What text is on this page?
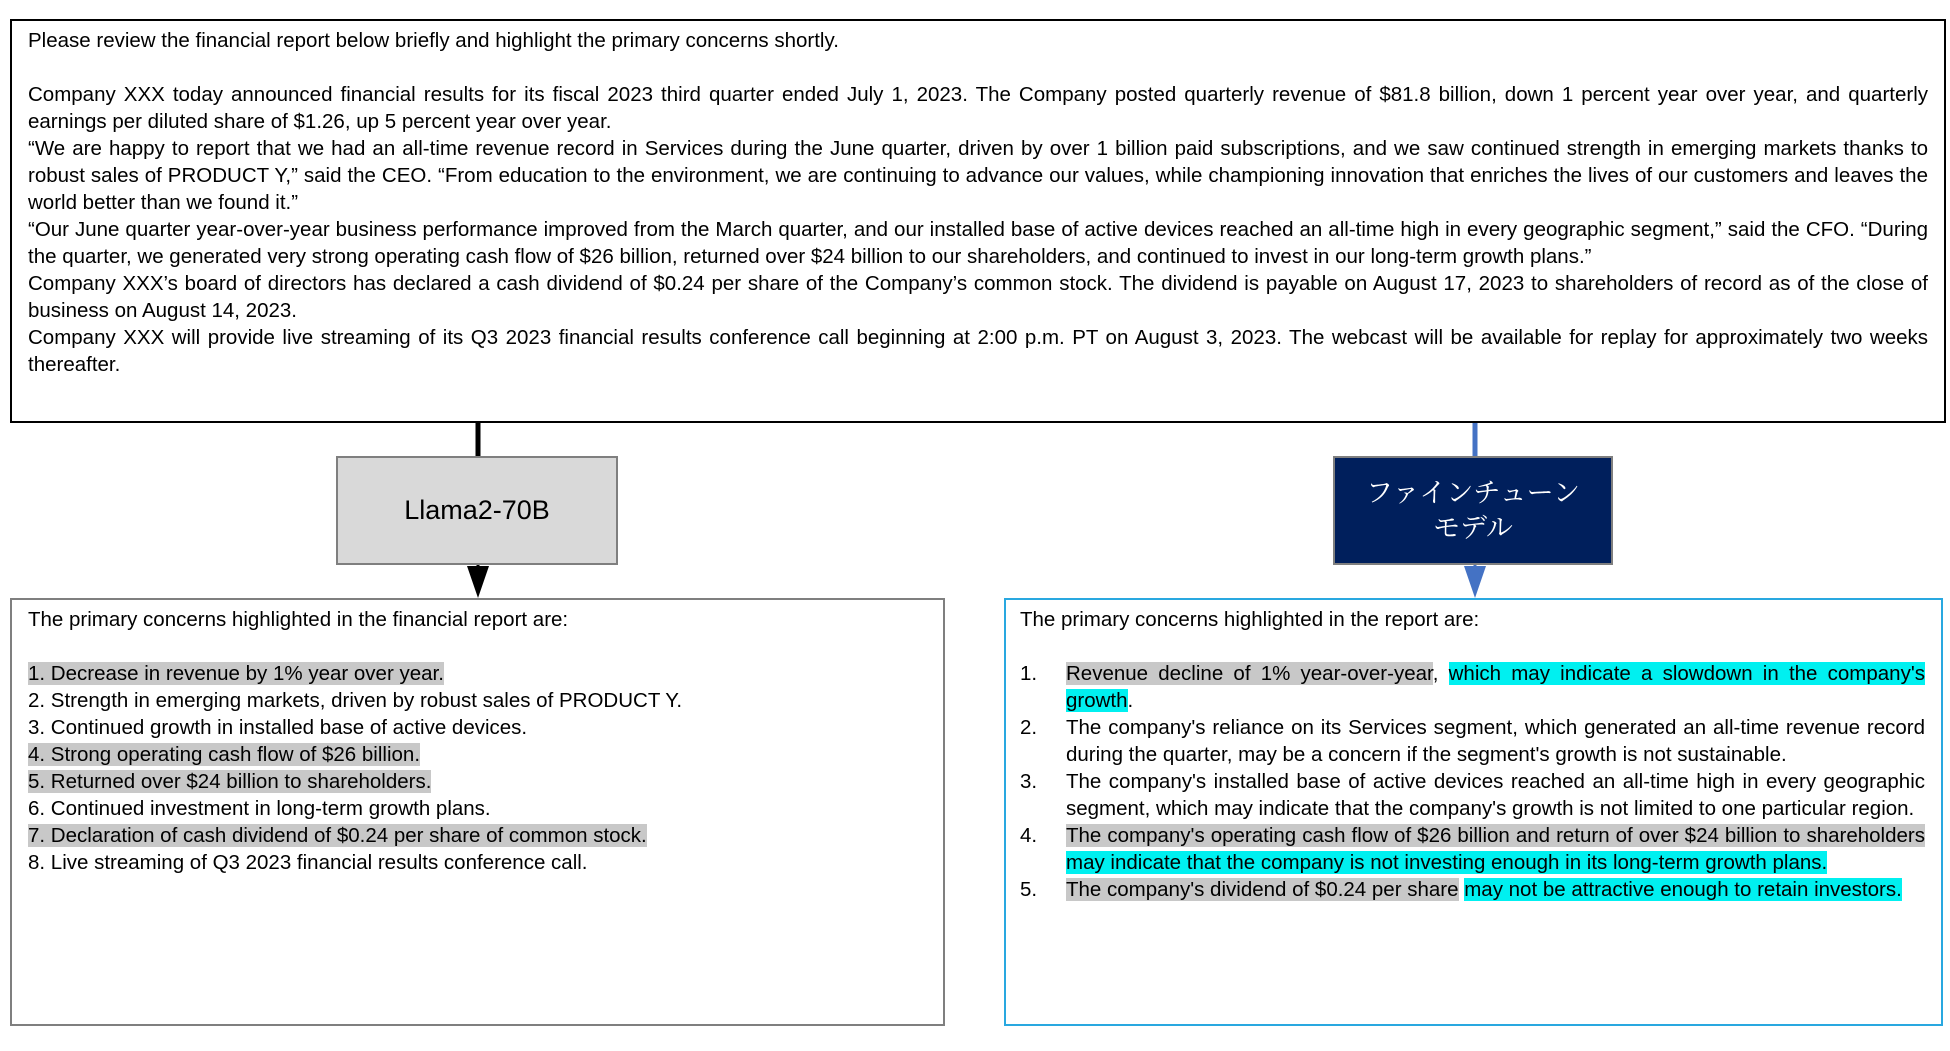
Please review the financial report below briefly and highlight the primary concerns shortly.

Company XXX today announced financial results for its fiscal 2023 third quarter ended July 1, 2023. The Company posted quarterly revenue of $81.8 billion, down 1 percent year over year, and quarterly earnings per diluted share of $1.26, up 5 percent year over year.

“We are happy to report that we had an all-time revenue record in Services during the June quarter, driven by over 1 billion paid subscriptions, and we saw continued strength in emerging markets thanks to robust sales of PRODUCT Y,” said the CEO. “From education to the environment, we are continuing to advance our values, while championing innovation that enriches the lives of our customers and leaves the world better than we found it.”

“Our June quarter year-over-year business performance improved from the March quarter, and our installed base of active devices reached an all-time high in every geographic segment,” said the CFO. “During the quarter, we generated very strong operating cash flow of $26 billion, returned over $24 billion to our shareholders, and continued to invest in our long-term growth plans.”

Company XXX’s board of directors has declared a cash dividend of $0.24 per share of the Company’s common stock. The dividend is payable on August 17, 2023 to shareholders of record as of the close of business on August 14, 2023.

Company XXX will provide live streaming of its Q3 2023 financial results conference call beginning at 2:00 p.m. PT on August 3, 2023. The webcast will be available for replay for approximately two weeks thereafter.

Llama2-70B
ファインチューン
モデル

The primary concerns highlighted in the financial report are:

1. Decrease in revenue by 1% year over year.
2. Strength in emerging markets, driven by robust sales of PRODUCT Y.
3. Continued growth in installed base of active devices.
4. Strong operating cash flow of $26 billion.
5. Returned over $24 billion to shareholders.
6. Continued investment in long-term growth plans.
7. Declaration of cash dividend of $0.24 per share of common stock.
8. Live streaming of Q3 2023 financial results conference call.

The primary concerns highlighted in the report are:

1.	Revenue decline of 1% year-over-year, which may indicate a slowdown in the company's growth.
2.	The company's reliance on its Services segment, which generated an all-time revenue record during the quarter, may be a concern if the segment's growth is not sustainable.
3.	The company's installed base of active devices reached an all-time high in every geographic segment, which may indicate that the company's growth is not limited to one particular region.
4.	The company's operating cash flow of $26 billion and return of over $24 billion to shareholders may indicate that the company is not investing enough in its long-term growth plans.
5.	The company's dividend of $0.24 per share may not be attractive enough to retain investors.
